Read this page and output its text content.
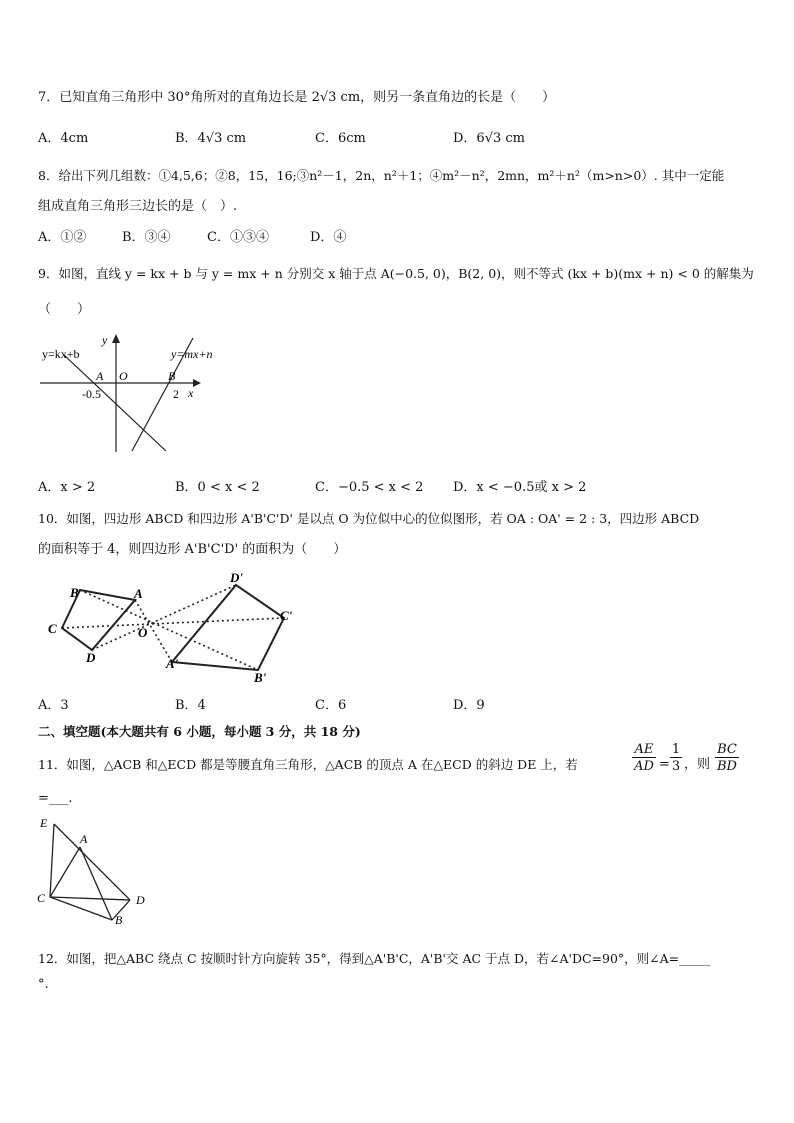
7．已知直角三角形中 30°角所对的直角边长是 2√3 cm，则另一条直角边的长是（　　）
A．4cm	B．4√3 cm	C．6cm	D．6√3 cm
8．给出下列几组数：①4,5,6；②8，15，16;③n²－1，2n，n²＋1；④m²－n²，2mn，m²＋n²（m>n>0）. 其中一定能
组成直角三角形三边长的是（　）.
A．①②	B．③④	C．①③④	D．④
9．如图，直线 y = kx + b 与 y = mx + n 分别交 x 轴于点 A(−0.5, 0)，B(2, 0)，则不等式 (kx + b)(mx + n) < 0 的解集为
（　　）
y=kx+b	y=mx+n
y
x
A O	B
-0.5	2
A．x > 2	B．0 < x < 2	C．−0.5 < x < 2 D．x < −0.5或 x > 2
10．如图，四边形 ABCD 和四边形 A'B'C'D' 是以点 O 为位似中心的位似图形，若 OA : OA' = 2 : 3，四边形 ABCD
的面积等于 4，则四边形 A'B'C'D' 的面积为（　　）
B	A
C
D
O
D'
C'
A'
B'
A．3	B．4	C．6	D．9
二、填空题(本大题共有 6 小题，每小题 3 分，共 18 分)
11．如图，△ACB 和△ECD 都是等腰直角三角形，△ACB 的顶点 A 在△ECD 的斜边 DE 上，若	$\frac{AE}{AD} = \frac{1}{3}$ ，则 $\frac{BC}{BD}$
=___.
E
A
C	D
B
12．如图，把△ABC 绕点 C 按顺时针方向旋转 35°，得到△A'B'C，A'B'交 AC 于点 D，若∠A'DC=90°，则∠A=_____
°.
